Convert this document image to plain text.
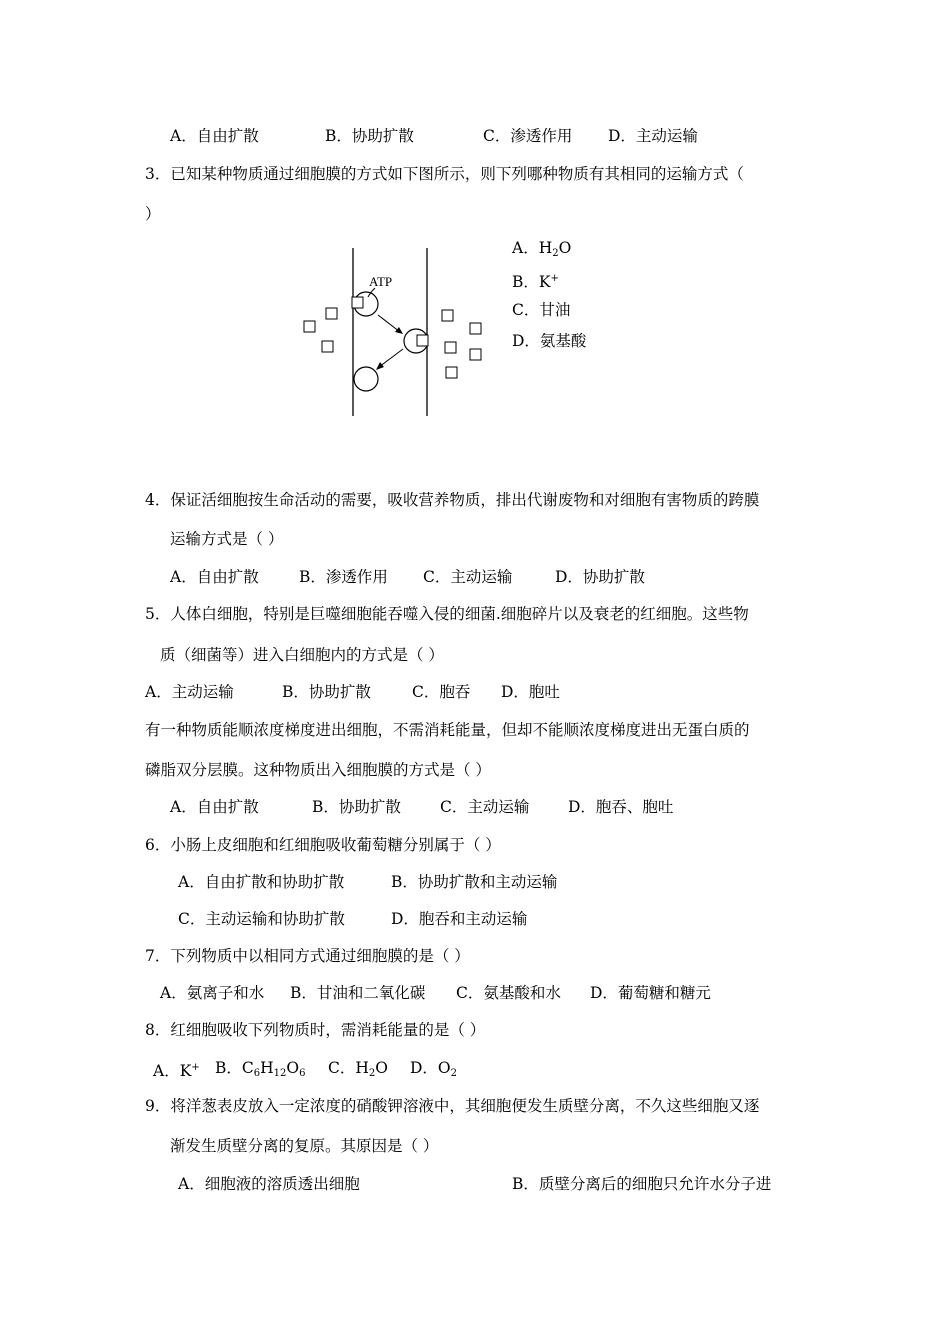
A．自由扩散	B．协助扩散	C．渗透作用 D．主动运输
3．已知某种物质通过细胞膜的方式如下图所示，则下列哪种物质有其相同的运输方式（
）
ATP
A．$H_2O$
B．K+
C．甘油
D．氨基酸
4．保证活细胞按生命活动的需要，吸收营养物质，排出代谢废物和对细胞有害物质的跨膜
运输方式是（ ）
A．自由扩散	B．渗透作用 C．主动运输	D．协助扩散
5．人体白细胞，特别是巨噬细胞能吞噬入侵的细菌.细胞碎片以及衰老的红细胞。这些物
质（细菌等）进入白细胞内的方式是（ ）
A．主动运输	B．协助扩散	C．胞吞 D．胞吐
有一种物质能顺浓度梯度进出细胞，不需消耗能量，但却不能顺浓度梯度进出无蛋白质的
磷脂双分层膜。这种物质出入细胞膜的方式是（ ）
A．自由扩散	B．协助扩散	C．主动运输 D．胞吞、胞吐
6．小肠上皮细胞和红细胞吸收葡萄糖分别属于（ ）
A．自由扩散和协助扩散	B．协助扩散和主动运输
C．主动运输和协助扩散	D．胞吞和主动运输
7．下列物质中以相同方式通过细胞膜的是（ ）
A．氨离子和水 B．甘油和二氧化碳 C．氨基酸和水 D．葡萄糖和糖元
8．红细胞吸收下列物质时，需消耗能量的是（ ）
A．K+ B．$C_6H_{12}O_6$ C．$H_2O$ D．$O_2$
9．将洋葱表皮放入一定浓度的硝酸钾溶液中，其细胞便发生质壁分离，不久这些细胞又逐
渐发生质壁分离的复原。其原因是（ ）
A．细胞液的溶质透出细胞	B．质壁分离后的细胞只允许水分子进
